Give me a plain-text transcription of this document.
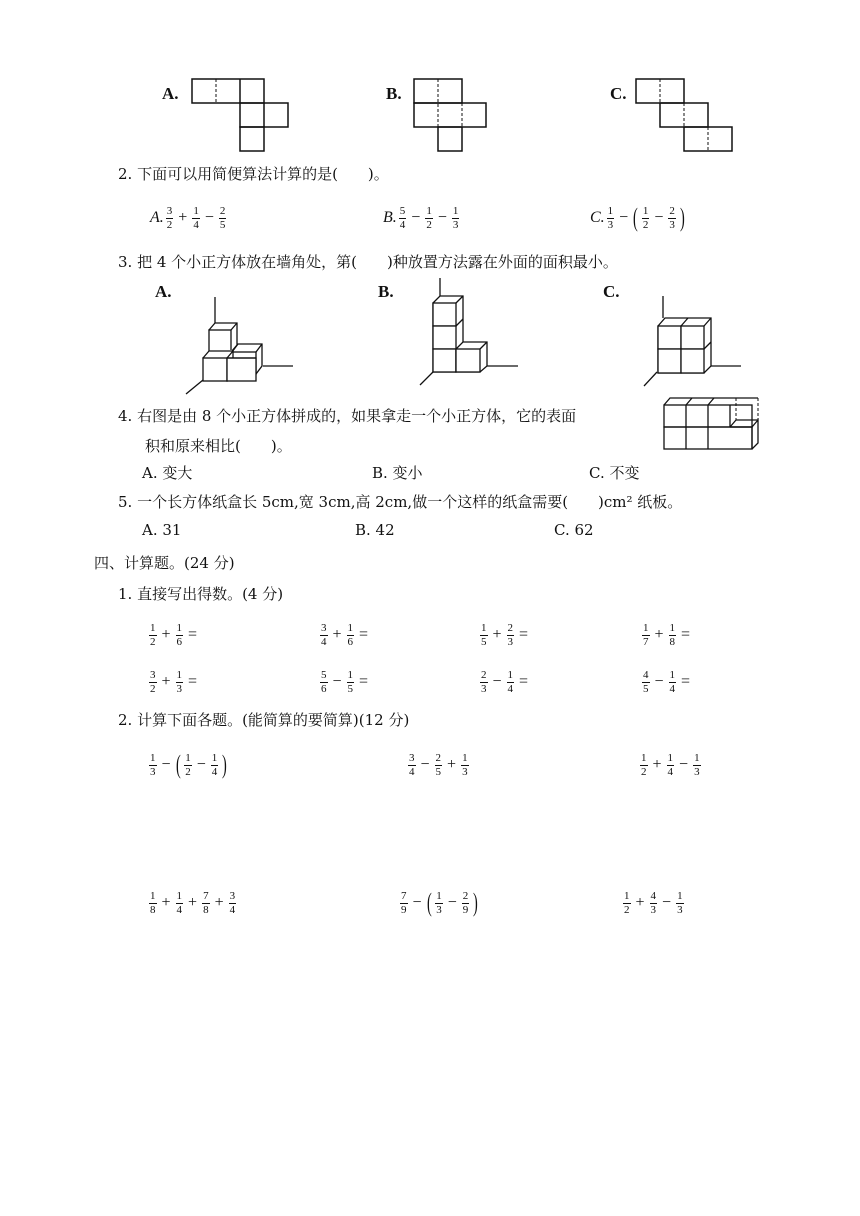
A.	B.	C.
2. 下面可以用简便算法计算的是(　　)。
A. $\frac{3}{2} + \frac{1}{4} - \frac{2}{5}$	B. $\frac{5}{4} - \frac{1}{2} - \frac{1}{3}$	C. $\frac{1}{3}$ − ( $\frac{1}{2} - \frac{2}{3}$ )
3. 把 4 个小正方体放在墙角处，第(　　)种放置方法露在外面的面积最小。
A.	B.	C.
4. 右图是由 8 个小正方体拼成的，如果拿走一个小正方体，它的表面
积和原来相比(　　)。
A. 变大	B. 变小	C. 不变
5. 一个长方体纸盒长 5cm,宽 3cm,高 2cm,做一个这样的纸盒需要(　　)cm² 纸板。
A. 31	B. 42	C. 62
四、计算题。(24 分)
1. 直接写出得数。(4 分)
$\frac{1}{2} + \frac{1}{6}$ =	$\frac{3}{4} + \frac{1}{6}$ =	$\frac{1}{5} + \frac{2}{3}$ =	$\frac{1}{7} + \frac{1}{8}$ =
$\frac{3}{2} + \frac{1}{3}$ =	$\frac{5}{6} - \frac{1}{5}$ =	$\frac{2}{3} - \frac{1}{4}$ =	$\frac{4}{5} - \frac{1}{4}$ =
2. 计算下面各题。(能简算的要简算)(12 分)
$\frac{1}{3}$ − ( $\frac{1}{2} - \frac{1}{4}$ )	$\frac{3}{4} - \frac{2}{5} + \frac{1}{3}$	$\frac{1}{2} + \frac{1}{4} - \frac{1}{3}$
$\frac{1}{8} + \frac{1}{4} + \frac{7}{8} + \frac{3}{4}$	$\frac{7}{9}$ − ( $\frac{1}{3} - \frac{2}{9}$ )	$\frac{1}{2} + \frac{4}{3} - \frac{1}{3}$
